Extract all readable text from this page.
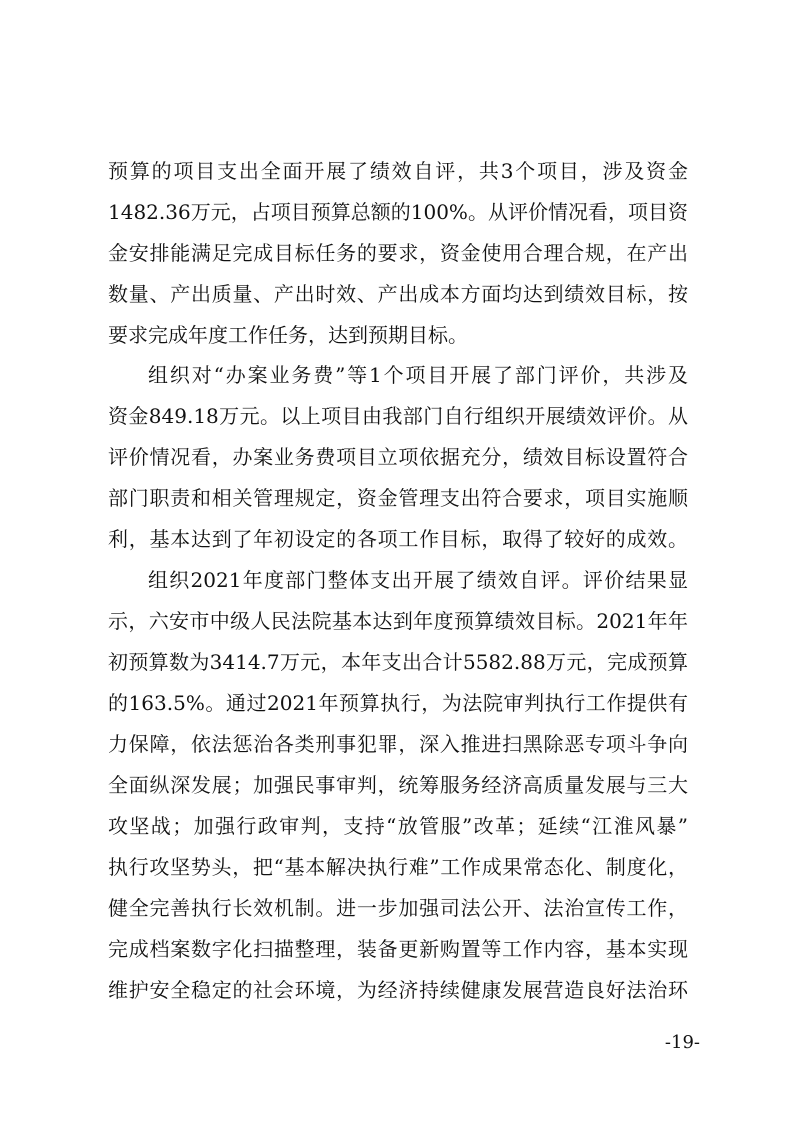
预算的项目支出全面开展了绩效自评，共3个项目，涉及资金
1482.36万元，占项目预算总额的100%。从评价情况看，项目资
金安排能满足完成目标任务的要求，资金使用合理合规，在产出
数量、产出质量、产出时效、产出成本方面均达到绩效目标，按
要求完成年度工作任务，达到预期目标。
组织对“办案业务费”等1个项目开展了部门评价，共涉及
资金849.18万元。以上项目由我部门自行组织开展绩效评价。从
评价情况看，办案业务费项目立项依据充分，绩效目标设置符合
部门职责和相关管理规定，资金管理支出符合要求，项目实施顺
利，基本达到了年初设定的各项工作目标，取得了较好的成效。
组织2021年度部门整体支出开展了绩效自评。评价结果显
示，六安市中级人民法院基本达到年度预算绩效目标。2021年年
初预算数为3414.7万元，本年支出合计5582.88万元，完成预算
的163.5%。通过2021年预算执行，为法院审判执行工作提供有
力保障，依法惩治各类刑事犯罪，深入推进扫黑除恶专项斗争向
全面纵深发展；加强民事审判，统筹服务经济高质量发展与三大
攻坚战；加强行政审判，支持“放管服”改革；延续“江淮风暴”
执行攻坚势头，把“基本解决执行难”工作成果常态化、制度化，
健全完善执行长效机制。进一步加强司法公开、法治宣传工作，
完成档案数字化扫描整理，装备更新购置等工作内容，基本实现
维护安全稳定的社会环境，为经济持续健康发展营造良好法治环
-19-
